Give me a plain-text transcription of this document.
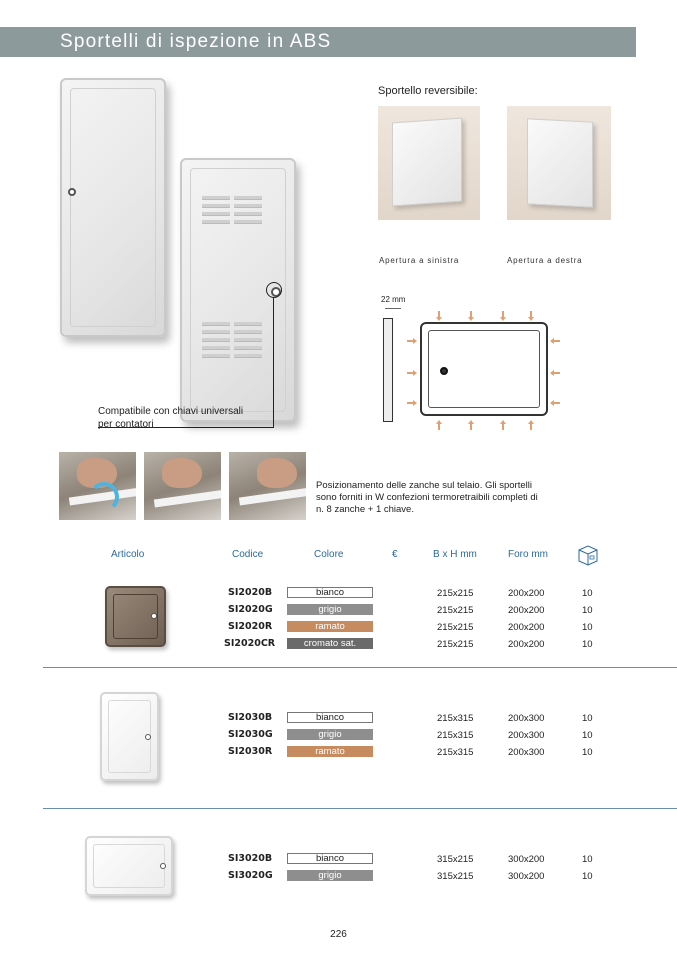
Sportelli di ispezione in ABS
Compatibile con chiavi universali
per contatori
Sportello reversibile:
Apertura a sinistra	Apertura a destra
22 mm
Posizionamento delle zanche sul telaio. Gli sportelli
sono forniti in W confezioni termoretraibili completi di
n. 8 zanche + 1 chiave.
Articolo	Codice	Colore	€	B x H mm	Foro mm
SI2020B	bianco	215x215	200x200	10
SI2020G	grigio	215x215	200x200	10
SI2020R	ramato	215x215	200x200	10
SI2020CR	cromato sat.	215x215	200x200	10
SI2030B	bianco	215x315	200x300	10
SI2030G	grigio	215x315	200x300	10
SI2030R	ramato	215x315	200x300	10
SI3020B	bianco	315x215	300x200	10
SI3020G	grigio	315x215	300x200	10
226
